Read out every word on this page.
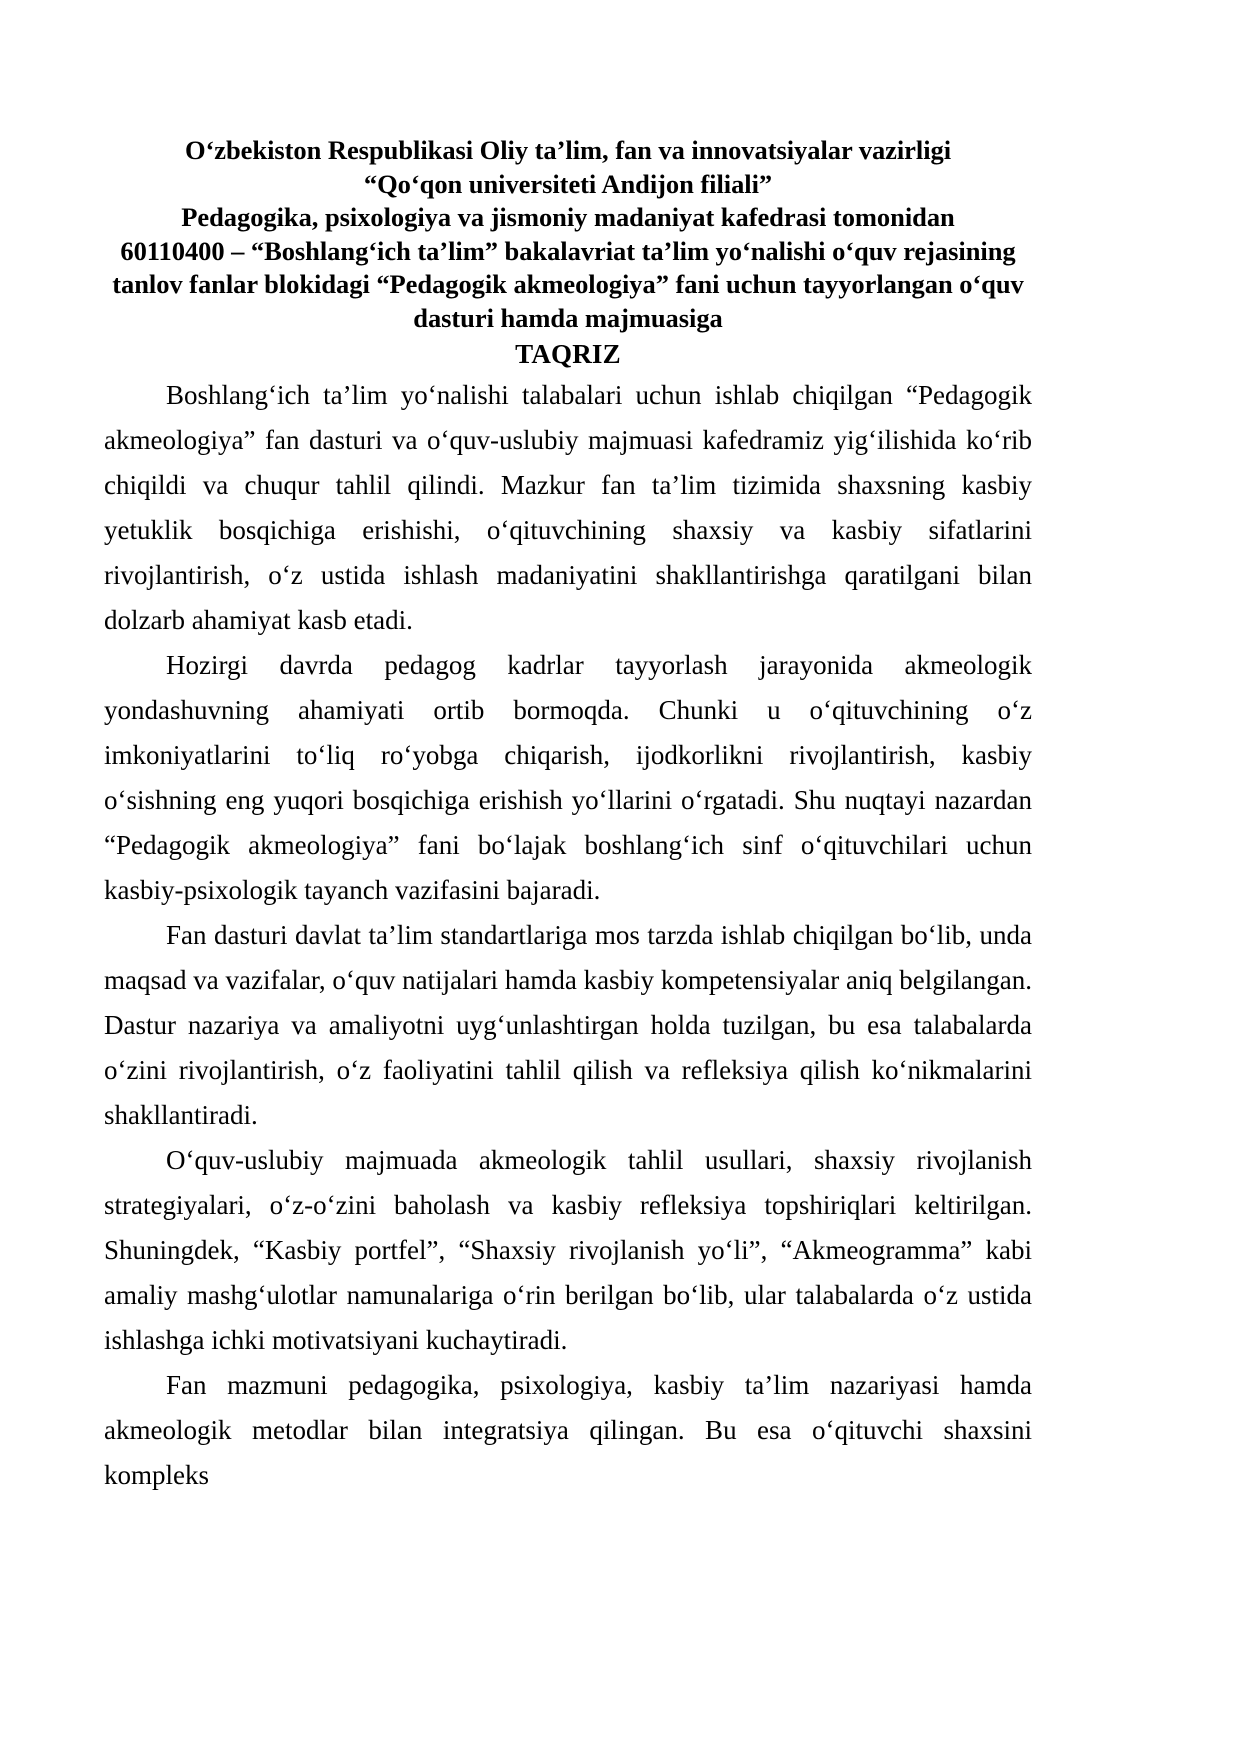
O‘zbekiston Respublikasi Oliy ta’lim, fan va innovatsiyalar vazirligi
“Qo‘qon universiteti Andijon filiali”
Pedagogika, psixologiya va jismoniy madaniyat kafedrasi tomonidan
60110400 – “Boshlang‘ich ta’lim” bakalavriat ta’lim yo‘nalishi o‘quv rejasining tanlov fanlar blokidagi “Pedagogik akmeologiya” fani uchun tayyorlangan o‘quv dasturi hamda majmuasiga
TAQRIZ

Boshlang‘ich ta’lim yo‘nalishi talabalari uchun ishlab chiqilgan “Pedagogik akmeologiya” fan dasturi va o‘quv-uslubiy majmuasi kafedramiz yig‘ilishida ko‘rib chiqildi va chuqur tahlil qilindi. Mazkur fan ta’lim tizimida shaxsning kasbiy yetuklik bosqichiga erishishi, o‘qituvchining shaxsiy va kasbiy sifatlarini rivojlantirish, o‘z ustida ishlash madaniyatini shakllantirishga qaratilgani bilan dolzarb ahamiyat kasb etadi.

Hozirgi davrda pedagog kadrlar tayyorlash jarayonida akmeologik yondashuvning ahamiyati ortib bormoqda. Chunki u o‘qituvchining o‘z imkoniyatlarini to‘liq ro‘yobga chiqarish, ijodkorlikni rivojlantirish, kasbiy o‘sishning eng yuqori bosqichiga erishish yo‘llarini o‘rgatadi. Shu nuqtayi nazardan “Pedagogik akmeologiya” fani bo‘lajak boshlang‘ich sinf o‘qituvchilari uchun kasbiy-psixologik tayanch vazifasini bajaradi.

Fan dasturi davlat ta’lim standartlariga mos tarzda ishlab chiqilgan bo‘lib, unda maqsad va vazifalar, o‘quv natijalari hamda kasbiy kompetensiyalar aniq belgilangan. Dastur nazariya va amaliyotni uyg‘unlashtirgan holda tuzilgan, bu esa talabalarda o‘zini rivojlantirish, o‘z faoliyatini tahlil qilish va refleksiya qilish ko‘nikmalarini shakllantiradi.

O‘quv-uslubiy majmuada akmeologik tahlil usullari, shaxsiy rivojlanish strategiyalari, o‘z-o‘zini baholash va kasbiy refleksiya topshiriqlari keltirilgan. Shuningdek, “Kasbiy portfel”, “Shaxsiy rivojlanish yo‘li”, “Akmeogramma” kabi amaliy mashg‘ulotlar namunalariga o‘rin berilgan bo‘lib, ular talabalarda o‘z ustida ishlashga ichki motivatsiyani kuchaytiradi.

Fan mazmuni pedagogika, psixologiya, kasbiy ta’lim nazariyasi hamda akmeologik metodlar bilan integratsiya qilingan. Bu esa o‘qituvchi shaxsini kompleks
